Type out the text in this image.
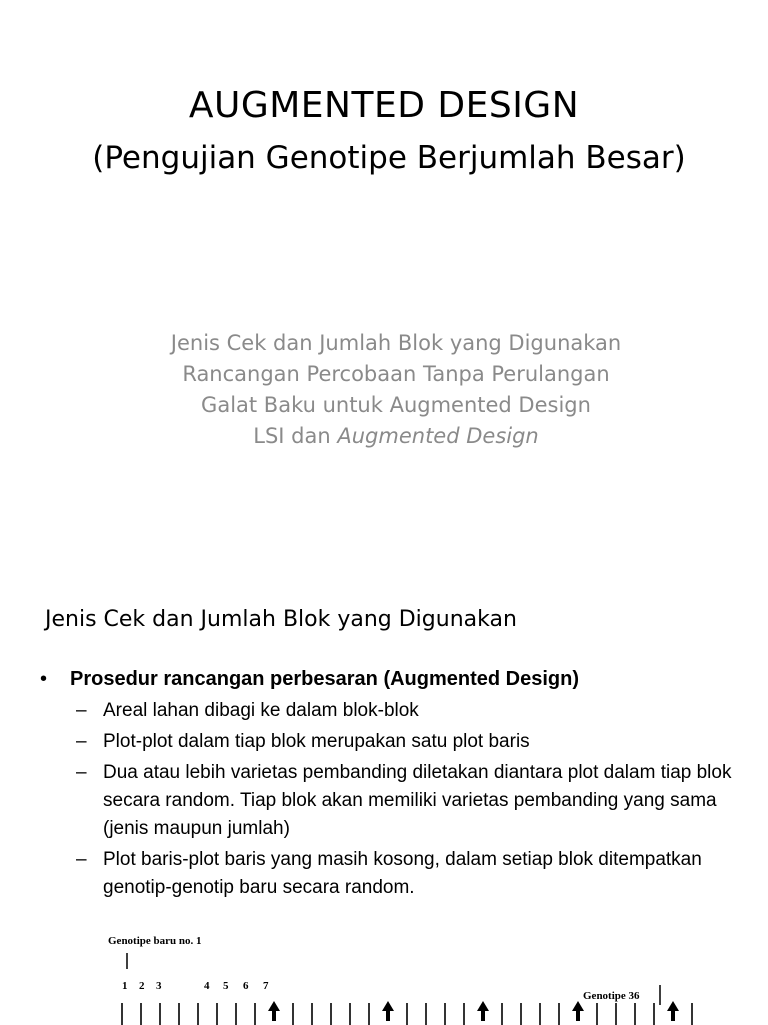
AUGMENTED DESIGN
(Pengujian Genotipe Berjumlah Besar)
Jenis Cek dan Jumlah Blok yang Digunakan
Rancangan Percobaan Tanpa Perulangan
Galat Baku untuk Augmented Design
LSI dan Augmented Design
Jenis Cek dan Jumlah Blok yang Digunakan
• Prosedur rancangan perbesaran (Augmented Design)
– Areal lahan dibagi ke dalam blok-blok
– Plot-plot dalam tiap blok merupakan satu plot baris
– Dua atau lebih varietas pembanding diletakan diantara plot dalam tiap blok secara random. Tiap blok akan memiliki varietas pembanding yang sama (jenis maupun jumlah)
– Plot baris-plot baris yang masih kosong, dalam setiap blok ditempatkan genotip-genotip baru secara random.
Genotipe baru no. 1
Genotipe 36
1 2 3	4 5 6 7
